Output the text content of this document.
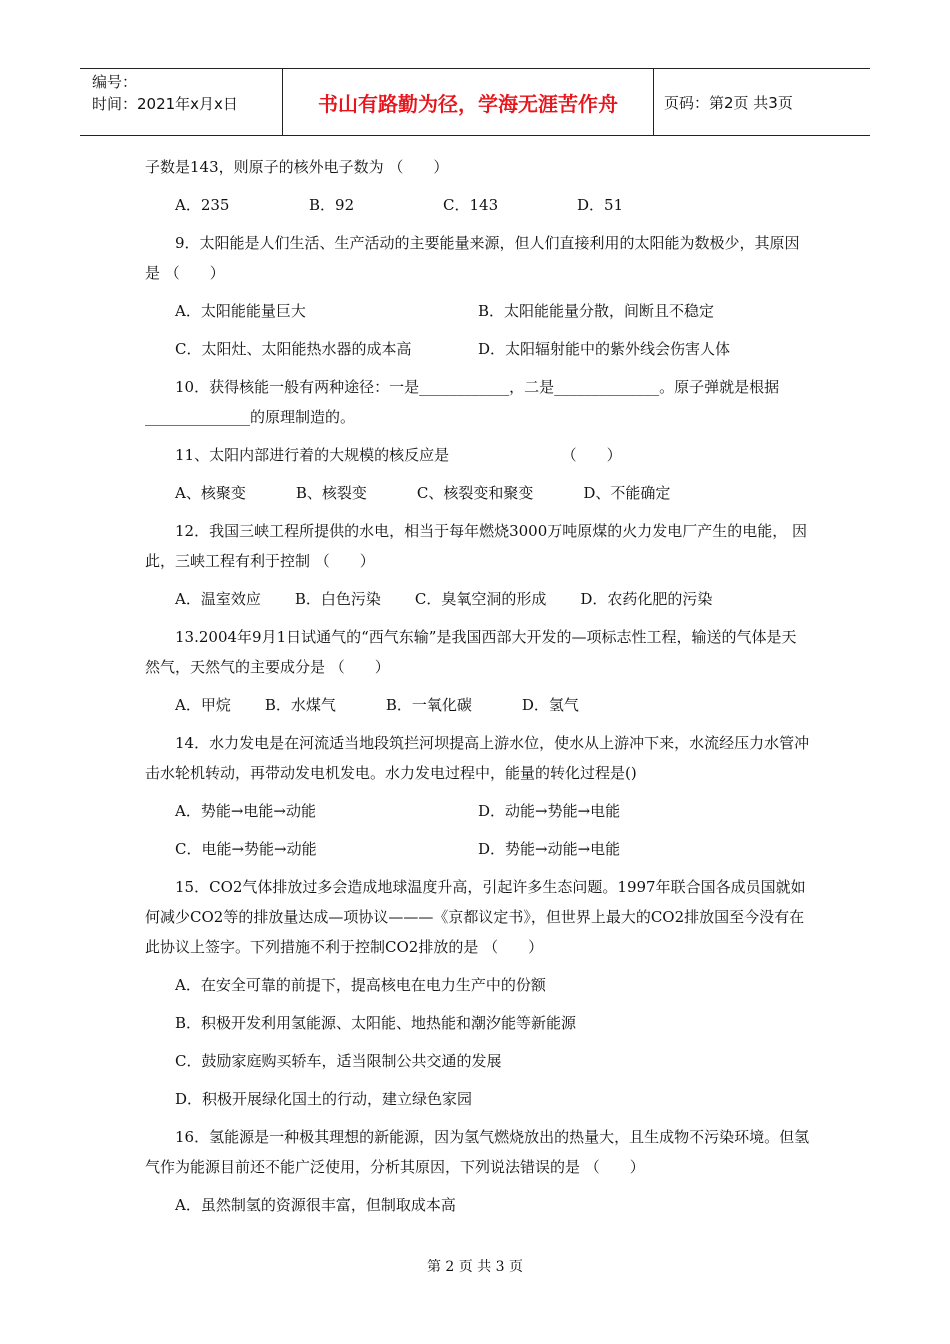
编号：
时间：2021年x月x日	书山有路勤为径，学海无涯苦作舟	页码：第2页 共3页

子数是143，则原子的核外电子数为 （　　）

A．235	B．92	C．143	D．51

9．太阳能是人们生活、生产活动的主要能量来源，但人们直接利用的太阳能为数极少，其原因是 （　　）

A．太阳能能量巨大	B．太阳能能量分散，间断且不稳定
C．太阳灶、太阳能热水器的成本高	D．太阳辐射能中的紫外线会伤害人体

10．获得核能一般有两种途径：一是____________，二是______________。原子弹就是根据______________的原理制造的。

11、太阳内部进行着的大规模的核反应是　　　　　　　　（　　）

A、核聚变	B、核裂变	C、核裂变和聚变	D、不能确定

12．我国三峡工程所提供的水电，相当于每年燃烧3000万吨原煤的火力发电厂产生的电能， 因此，三峡工程有利于控制 （　　）

A．温室效应 B．白色污染 C．臭氧空洞的形成 D．农药化肥的污染

13.2004年9月1日试通气的“西气东输”是我国西部大开发的—项标志性工程，输送的气体是天然气，天然气的主要成分是 （　　）

A．甲烷 B．水煤气	B．一氧化碳	D．氢气

14．水力发电是在河流适当地段筑拦河坝提高上游水位，使水从上游冲下来，水流经压力水管冲击水轮机转动，再带动发电机发电。水力发电过程中，能量的转化过程是()

A．势能→电能→动能	D．动能→势能→电能
C．电能→势能→动能	D．势能→动能→电能

15．CO2气体排放过多会造成地球温度升高，引起许多生态问题。1997年联合国各成员国就如何减少CO2等的排放量达成—项协议———《京都议定书》，但世界上最大的CO2排放国至今没有在此协议上签字。下列措施不利于控制CO2排放的是 （　　）

A．在安全可靠的前提下，提高核电在电力生产中的份额
B．积极开发利用氢能源、太阳能、地热能和潮汐能等新能源
C．鼓励家庭购买轿车，适当限制公共交通的发展
D．积极开展绿化国土的行动，建立绿色家园

16．氢能源是一种极其理想的新能源，因为氢气燃烧放出的热量大，且生成物不污染环境。但氢气作为能源目前还不能广泛使用，分析其原因，下列说法错误的是 （　　）

A．虽然制氢的资源很丰富，但制取成本高
第 2 页 共 3 页
